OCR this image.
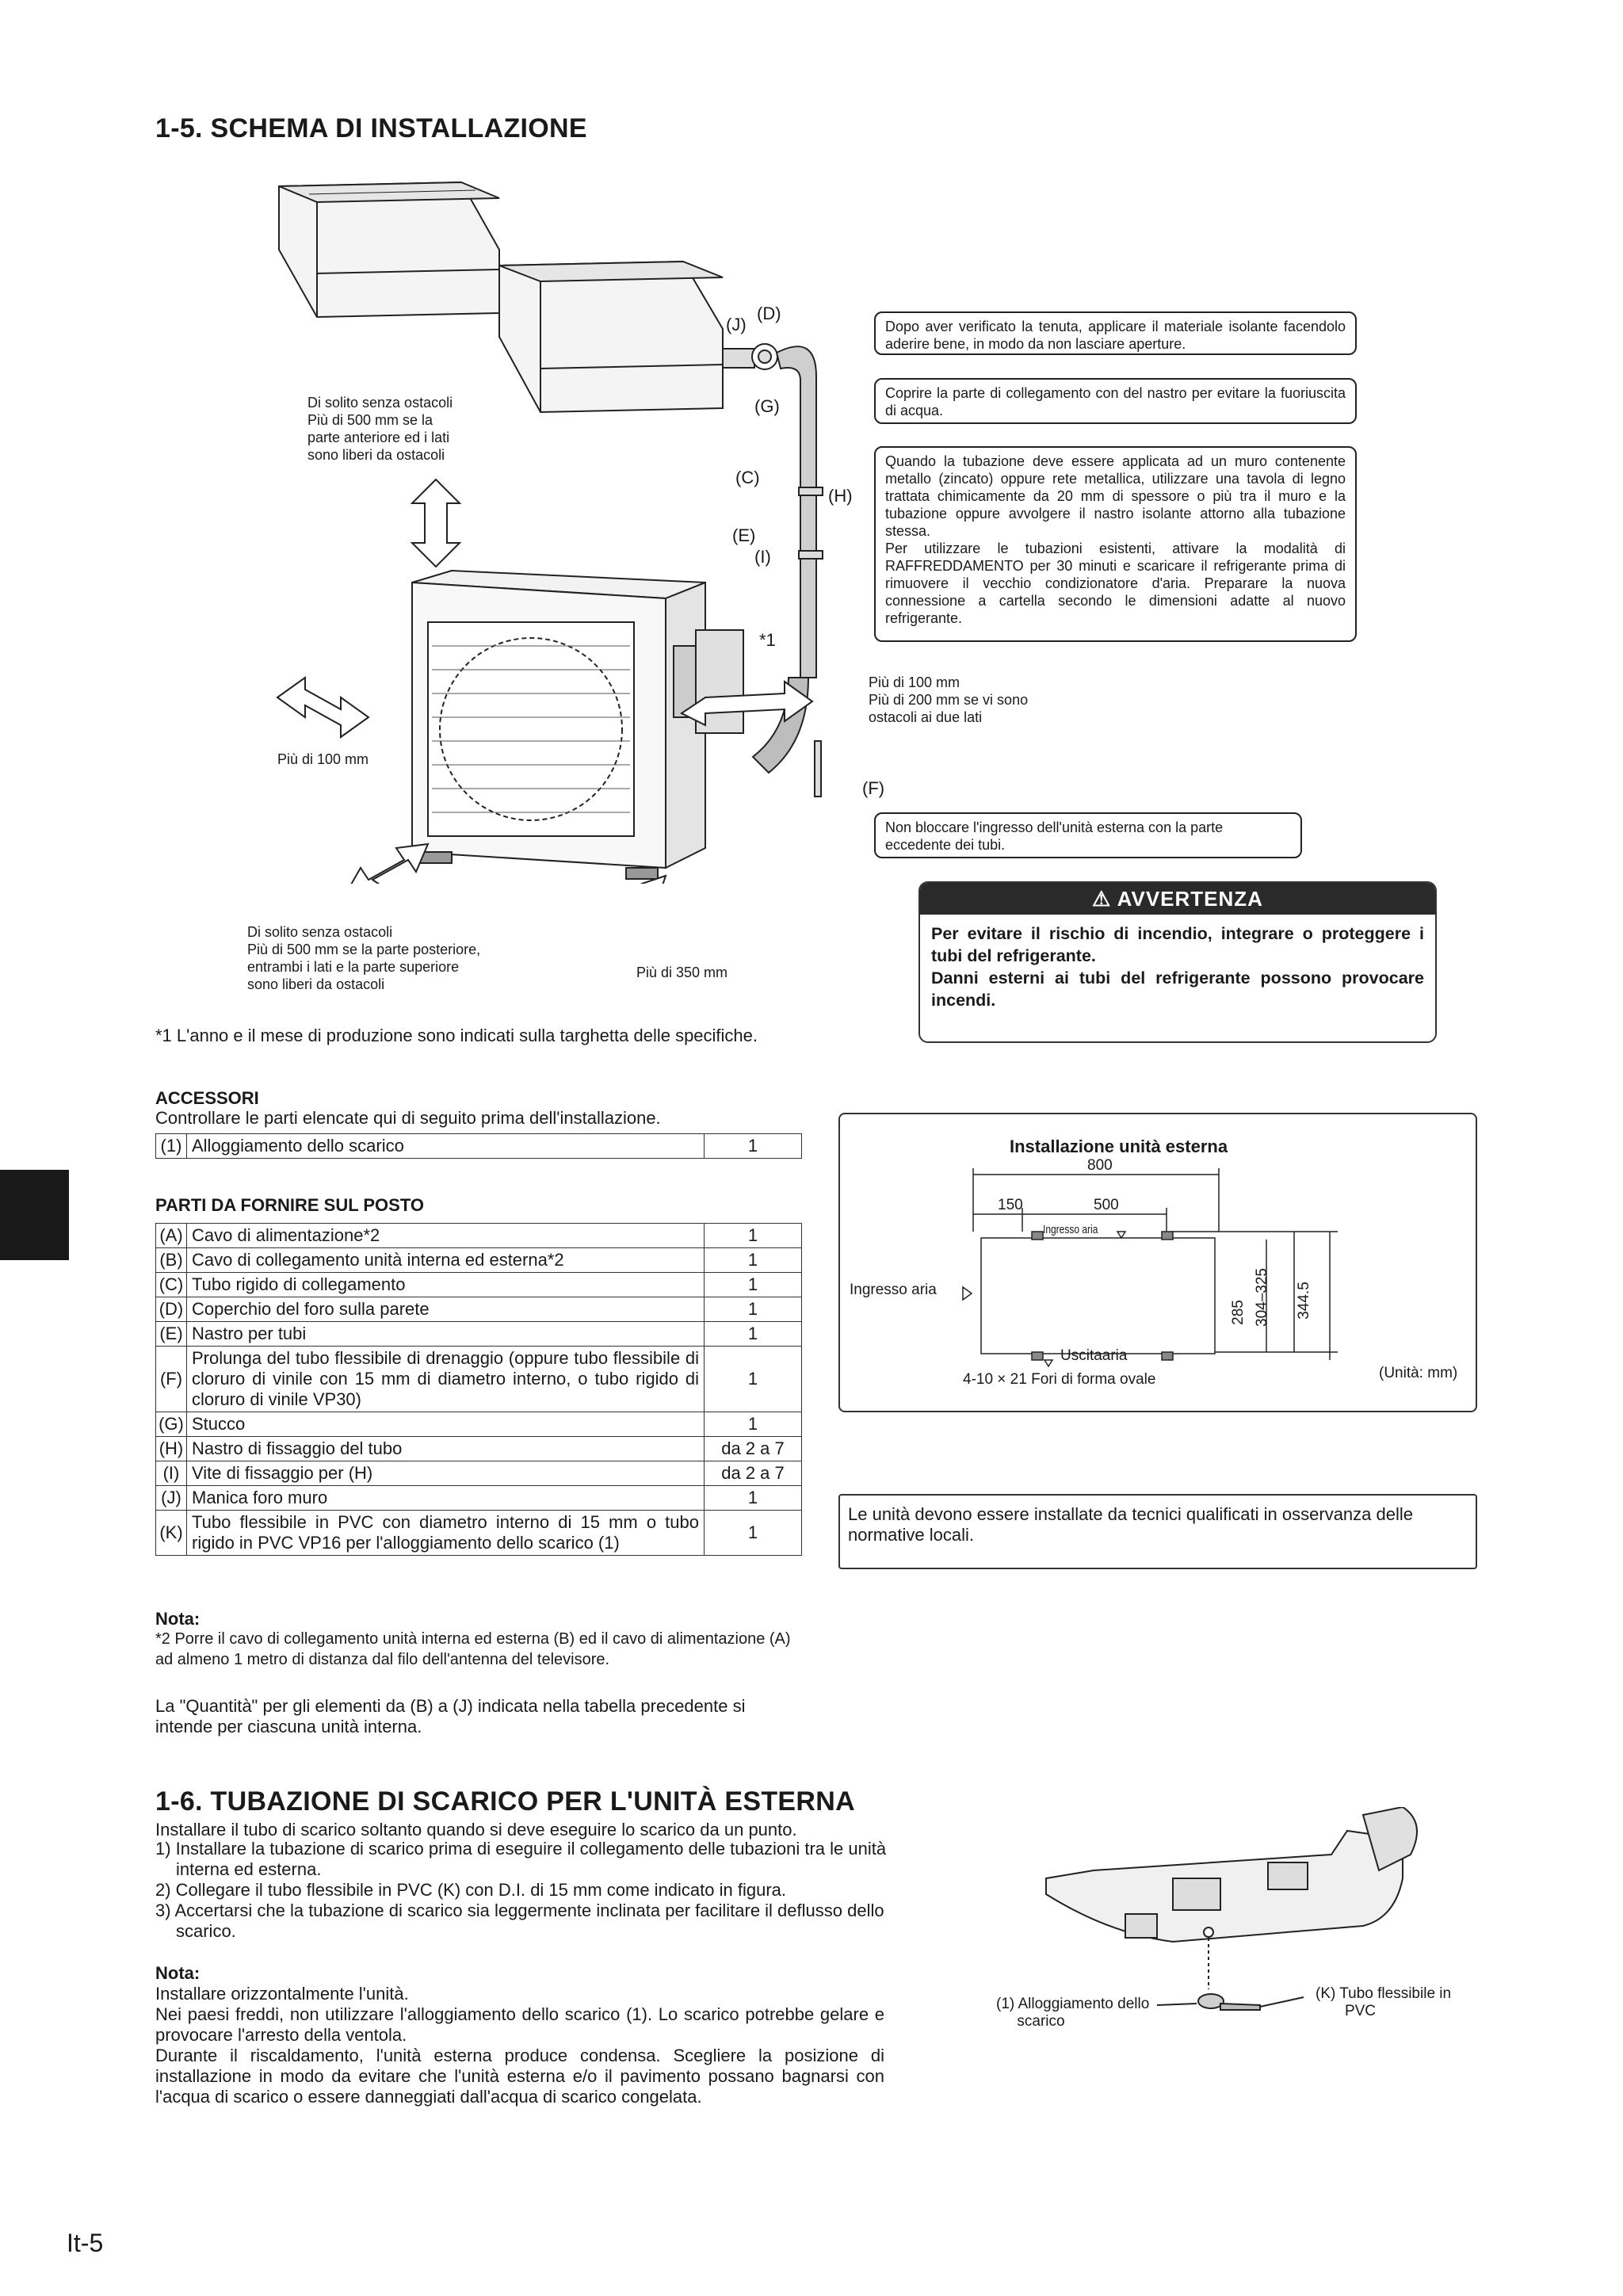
1-5. SCHEMA DI INSTALLAZIONE
(J)
(D)
(G)
(C)
(H)
(E)
(I)
*1
(F)
Dopo aver verificato la tenuta, applicare il materiale isolante facendolo aderire bene, in modo da non lasciare aperture.
Coprire la parte di collegamento con del nastro per evitare la fuoriuscita di acqua.
Quando la tubazione deve essere applicata ad un muro contenente metallo (zincato) oppure rete metallica, utilizzare una tavola di legno trattata chimicamente da 20 mm di spessore o più tra il muro e la tubazione oppure avvolgere il nastro isolante attorno alla tubazione stessa.
Per utilizzare le tubazioni esistenti, attivare la modalità di RAFFREDDAMENTO per 30 minuti e scaricare il refrigerante prima di rimuovere il vecchio condizionatore d'aria. Preparare la nuova connessione a cartella secondo le dimensioni adatte al nuovo refrigerante.
Non bloccare l'ingresso dell'unità esterna con la parte eccedente dei tubi.
Di solito senza ostacoli
Più di 500 mm se la
parte anteriore ed i lati
sono liberi da ostacoli
Più di 100 mm
Più di 200 mm se vi sono
ostacoli ai due lati
Più di 100 mm
Di solito senza ostacoli
Più di 500 mm se la parte posteriore,
entrambi i lati e la parte superiore
sono liberi da ostacoli
Più di 350 mm
*1 L'anno e il mese di produzione sono indicati sulla targhetta delle specifiche.
⚠ AVVERTENZA
Per evitare il rischio di incendio, integrare o proteggere i tubi del refrigerante.
Danni esterni ai tubi del refrigerante possono provocare incendi.
ACCESSORI
Controllare le parti elencate qui di seguito prima dell'installazione.
(1)	Alloggiamento dello scarico	1
PARTI DA FORNIRE SUL POSTO
(A)	Cavo di alimentazione*2	1
(B)	Cavo di collegamento unità interna ed esterna*2	1
(C)	Tubo rigido di collegamento	1
(D)	Coperchio del foro sulla parete	1
(E)	Nastro per tubi	1
(F)	Prolunga del tubo flessibile di drenaggio (oppure tubo flessibile di cloruro di vinile con 15 mm di diametro interno, o tubo rigido di cloruro di vinile VP30)	1
(G)	Stucco	1
(H)	Nastro di fissaggio del tubo	da 2 a 7
(I)	Vite di fissaggio per (H)	da 2 a 7
(J)	Manica foro muro	1
(K)	Tubo flessibile in PVC con diametro interno di 15 mm o tubo rigido in PVC VP16 per l'alloggiamento dello scarico (1)	1
Nota:
*2 Porre il cavo di collegamento unità interna ed esterna (B) ed il cavo di alimentazione (A) ad almeno 1 metro di distanza dal filo dell'antenna del televisore.
La "Quantità" per gli elementi da (B) a (J) indicata nella tabella precedente si intende per ciascuna unità interna.
Installazione unità esterna
800
150	500
Ingresso aria
Ingresso aria
Uscitaaria
4-10 × 21 Fori di forma ovale
285 304–325 344.5
(Unità: mm)
Le unità devono essere installate da tecnici qualificati in osservanza delle normative locali.
1-6. TUBAZIONE DI SCARICO PER L'UNITÀ ESTERNA
Installare il tubo di scarico soltanto quando si deve eseguire lo scarico da un punto.
1) Installare la tubazione di scarico prima di eseguire il collegamento delle tubazioni tra le unità interna ed esterna.
2) Collegare il tubo flessibile in PVC (K) con D.I. di 15 mm come indicato in figura.
3) Accertarsi che la tubazione di scarico sia leggermente inclinata per facilitare il deflusso dello scarico.
Nota:
Installare orizzontalmente l'unità.
Nei paesi freddi, non utilizzare l'alloggiamento dello scarico (1). Lo scarico potrebbe gelare e provocare l'arresto della ventola.
Durante il riscaldamento, l'unità esterna produce condensa. Scegliere la posizione di installazione in modo da evitare che l'unità esterna e/o il pavimento possano bagnarsi con l'acqua di scarico o essere danneggiati dall'acqua di scarico congelata.
(1) Alloggiamento dello
scarico
(K) Tubo flessibile in
PVC
It-5
